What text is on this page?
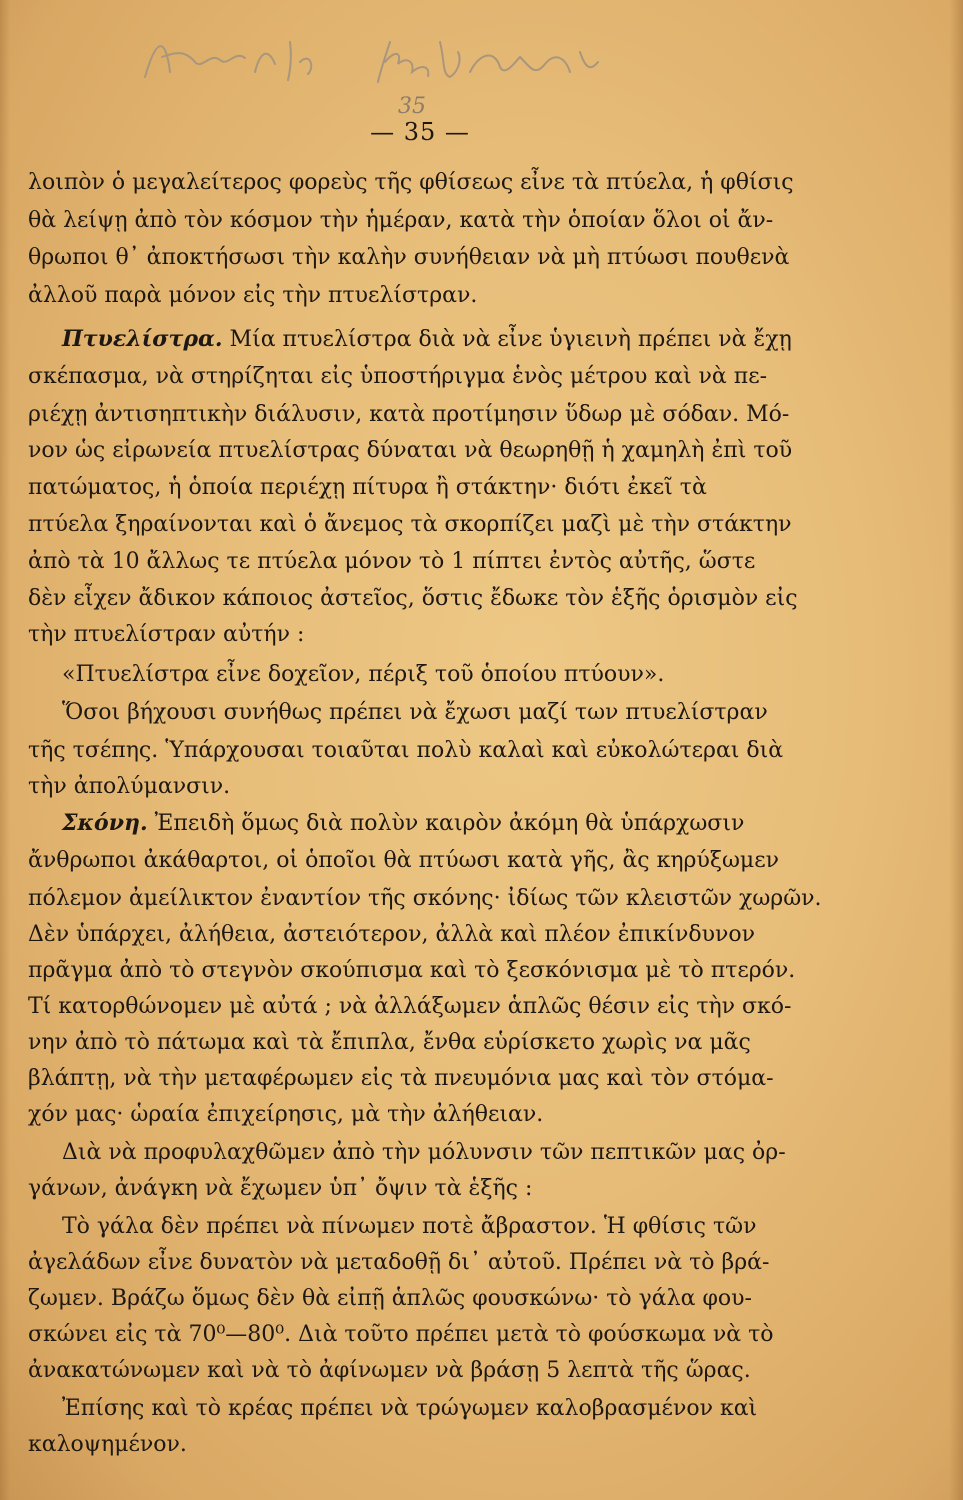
35
— 35 —
λοιπὸν ὁ μεγαλείτερος φορεὺς τῆς φθίσεως εἶνε τὰ πτύελα, ἡ φθίσις
θὰ λείψῃ ἀπὸ τὸν κόσμον τὴν ἡμέραν, κατὰ τὴν ὁποίαν ὅλοι οἱ ἄν-
θρωποι θ᾿ ἀποκτήσωσι τὴν καλὴν συνήθειαν νὰ μὴ πτύωσι πουθενὰ
ἀλλοῦ παρὰ μόνον εἰς τὴν πτυελίστραν.
Πτυελίστρα. Μία πτυελίστρα διὰ νὰ εἶνε ὑγιεινὴ πρέπει νὰ ἔχῃ
σκέπασμα, νὰ στηρίζηται εἰς ὑποστήριγμα ἑνὸς μέτρου καὶ νὰ πε-
ριέχῃ ἀντισηπτικὴν διάλυσιν, κατὰ προτίμησιν ὕδωρ μὲ σόδαν. Μό-
νον ὡς εἰρωνεία πτυελίστρας δύναται νὰ θεωρηθῇ ἡ χαμηλὴ ἐπὶ τοῦ
πατώματος, ἡ ὁποία περιέχῃ πίτυρα ἢ στάκτην· διότι ἐκεῖ τὰ
πτύελα ξηραίνονται καὶ ὁ ἄνεμος τὰ σκορπίζει μαζὶ μὲ τὴν στάκτην
ἀπὸ τὰ 10 ἄλλως τε πτύελα μόνον τὸ 1 πίπτει ἐντὸς αὐτῆς, ὥστε
δὲν εἶχεν ἄδικον κάποιος ἀστεῖος, ὅστις ἔδωκε τὸν ἑξῆς ὁρισμὸν εἰς
τὴν πτυελίστραν αὐτήν :
«Πτυελίστρα εἶνε δοχεῖον, πέριξ τοῦ ὁποίου πτύουν».
Ὅσοι βήχουσι συνήθως πρέπει νὰ ἔχωσι μαζί των πτυελίστραν
τῆς τσέπης. Ὑπάρχουσαι τοιαῦται πολὺ καλαὶ καὶ εὐκολώτεραι διὰ
τὴν ἀπολύμανσιν.
Σκόνη. Ἐπειδὴ ὅμως διὰ πολὺν καιρὸν ἀκόμη θὰ ὑπάρχωσιν
ἄνθρωποι ἀκάθαρτοι, οἱ ὁποῖοι θὰ πτύωσι κατὰ γῆς, ἂς κηρύξωμεν
πόλεμον ἀμείλικτον ἐναντίον τῆς σκόνης· ἰδίως τῶν κλειστῶν χωρῶν.
Δὲν ὑπάρχει, ἀλήθεια, ἀστειότερον, ἀλλὰ καὶ πλέον ἐπικίνδυνον
πρᾶγμα ἀπὸ τὸ στεγνὸν σκούπισμα καὶ τὸ ξεσκόνισμα μὲ τὸ πτερόν.
Τί κατορθώνομεν μὲ αὐτά ; νὰ ἀλλάξωμεν ἁπλῶς θέσιν εἰς τὴν σκό-
νην ἀπὸ τὸ πάτωμα καὶ τὰ ἔπιπλα, ἔνθα εὑρίσκετο χωρὶς να μᾶς
βλάπτῃ, νὰ τὴν μεταφέρωμεν εἰς τὰ πνευμόνια μας καὶ τὸν στόμα-
χόν μας· ὡραία ἐπιχείρησις, μὰ τὴν ἀλήθειαν.
Διὰ νὰ προφυλαχθῶμεν ἀπὸ τὴν μόλυνσιν τῶν πεπτικῶν μας ὀρ-
γάνων, ἀνάγκη νὰ ἔχωμεν ὑπ᾿ ὄψιν τὰ ἑξῆς :
Τὸ γάλα δὲν πρέπει νὰ πίνωμεν ποτὲ ἄβραστον. Ἡ φθίσις τῶν
ἀγελάδων εἶνε δυνατὸν νὰ μεταδοθῇ δι᾿ αὐτοῦ. Πρέπει νὰ τὸ βρά-
ζωμεν. Βράζω ὅμως δὲν θὰ εἰπῇ ἁπλῶς φουσκώνω· τὸ γάλα φου-
σκώνει εἰς τὰ 70⁰—80⁰. Διὰ τοῦτο πρέπει μετὰ τὸ φούσκωμα νὰ τὸ
ἀνακατώνωμεν καὶ νὰ τὸ ἀφίνωμεν νὰ βράσῃ 5 λεπτὰ τῆς ὥρας.
Ἐπίσης καὶ τὸ κρέας πρέπει νὰ τρώγωμεν καλοβρασμένον καὶ
καλοψημένον.
